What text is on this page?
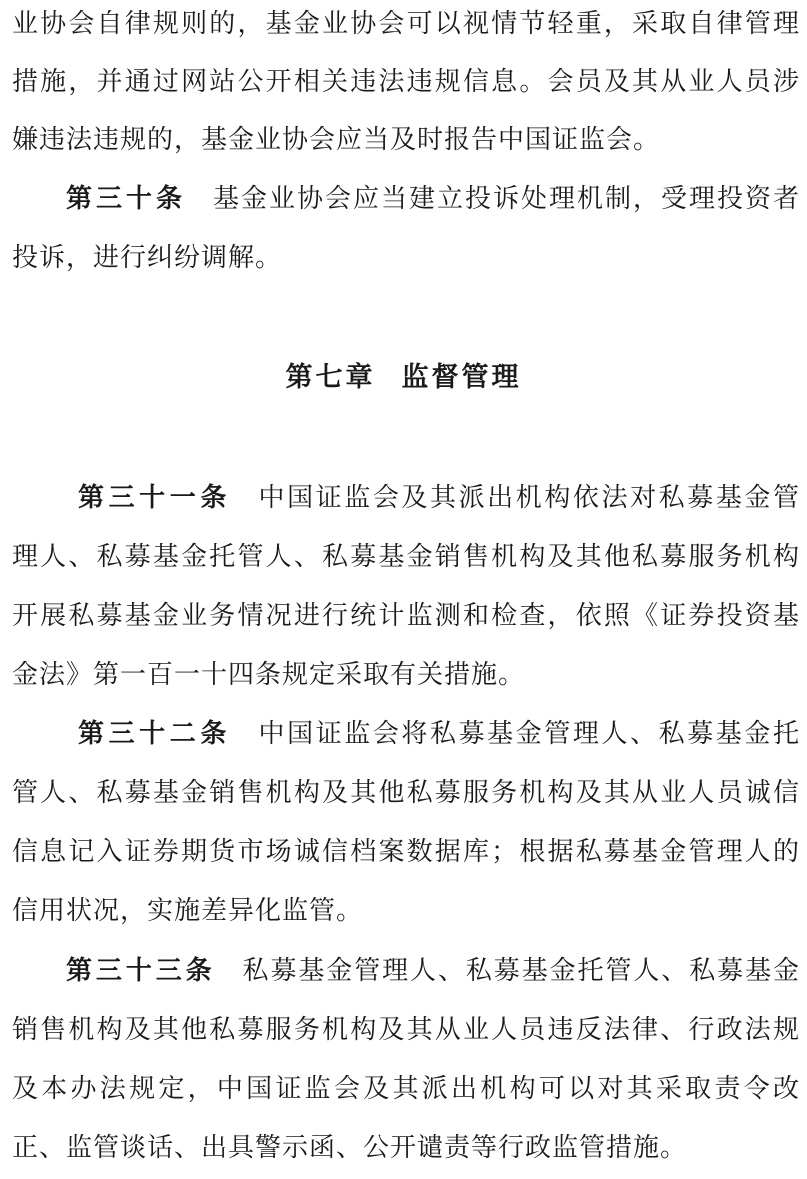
业协会自律规则的，基金业协会可以视情节轻重，采取自律管理
措施，并通过网站公开相关违法违规信息。会员及其从业人员涉
嫌违法违规的，基金业协会应当及时报告中国证监会。
第三十条 基金业协会应当建立投诉处理机制，受理投资者
投诉，进行纠纷调解。
第七章 监督管理
第三十一条 中国证监会及其派出机构依法对私募基金管
理人、私募基金托管人、私募基金销售机构及其他私募服务机构
开展私募基金业务情况进行统计监测和检查，依照《证券投资基
金法》第一百一十四条规定采取有关措施。
第三十二条 中国证监会将私募基金管理人、私募基金托
管人、私募基金销售机构及其他私募服务机构及其从业人员诚信
信息记入证券期货市场诚信档案数据库；根据私募基金管理人的
信用状况，实施差异化监管。
第三十三条 私募基金管理人、私募基金托管人、私募基金
销售机构及其他私募服务机构及其从业人员违反法律、行政法规
及本办法规定，中国证监会及其派出机构可以对其采取责令改
正、监管谈话、出具警示函、公开谴责等行政监管措施。
